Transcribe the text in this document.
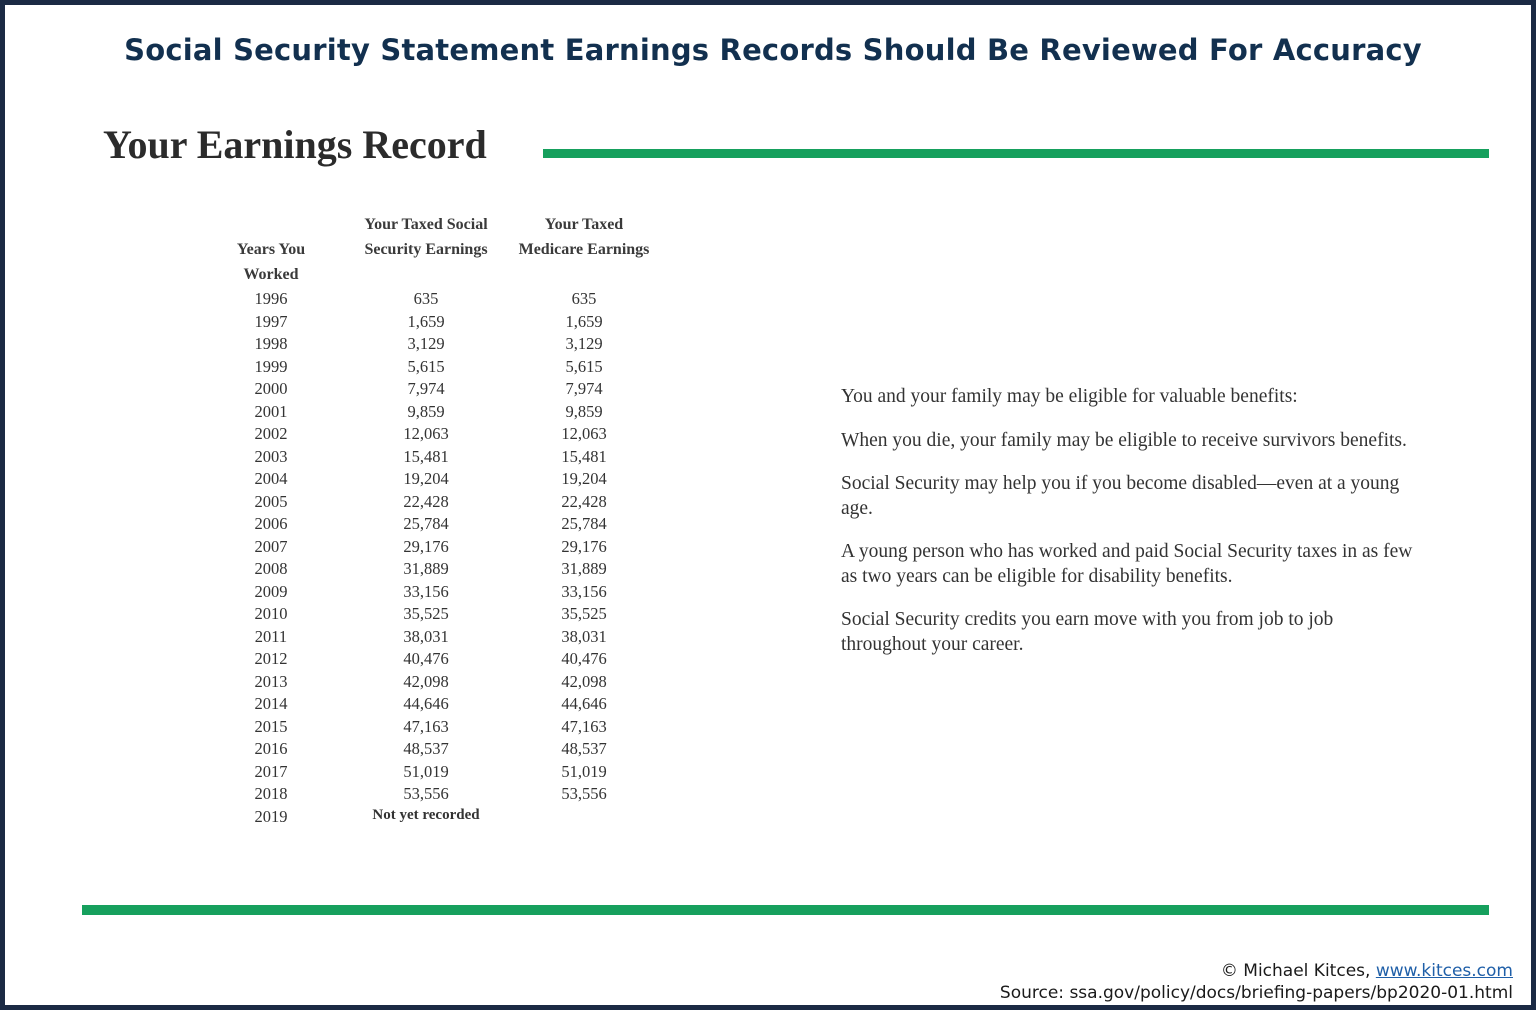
Social Security Statement Earnings Records Should Be Reviewed For Accuracy
Your Earnings Record
Years You Worked
Your Taxed Social Security Earnings
Your Taxed Medicare Earnings
1996	635	635
1997	1,659	1,659
1998	3,129	3,129
1999	5,615	5,615
2000	7,974	7,974
2001	9,859	9,859
2002	12,063	12,063
2003	15,481	15,481
2004	19,204	19,204
2005	22,428	22,428
2006	25,784	25,784
2007	29,176	29,176
2008	31,889	31,889
2009	33,156	33,156
2010	35,525	35,525
2011	38,031	38,031
2012	40,476	40,476
2013	42,098	42,098
2014	44,646	44,646
2015	47,163	47,163
2016	48,537	48,537
2017	51,019	51,019
2018	53,556	53,556
2019	Not yet recorded

You and your family may be eligible for valuable benefits:

When you die, your family may be eligible to receive survivors benefits.

Social Security may help you if you become disabled—even at a young age.

A young person who has worked and paid Social Security taxes in as few as two years can be eligible for disability benefits.

Social Security credits you earn move with you from job to job throughout your career.

© Michael Kitces, www.kitces.com
Source: ssa.gov/policy/docs/briefing-papers/bp2020-01.html
